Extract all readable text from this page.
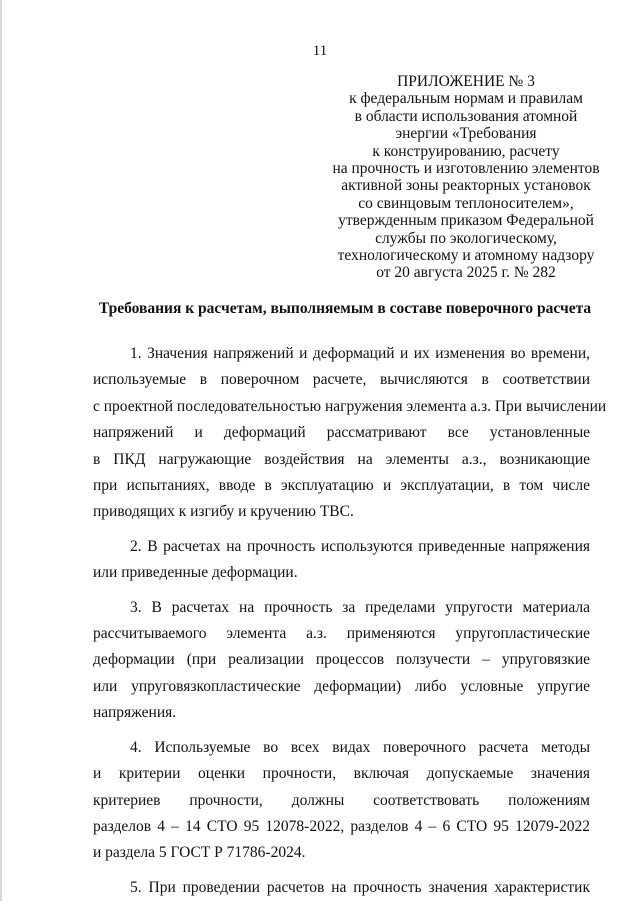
11
ПРИЛОЖЕНИЕ № 3
к федеральным нормам и правилам
в области использования атомной
энергии «Требования
к конструированию, расчету
на прочность и изготовлению элементов
активной зоны реакторных установок
со свинцовым теплоносителем»,
утвержденным приказом Федеральной
службы по экологическому,
технологическому и атомному надзору
от 20 августа 2025 г. № 282
Требования к расчетам, выполняемым в составе поверочного расчета
1. Значения напряжений и деформаций и их изменения во времени,
используемые в поверочном расчете, вычисляются в соответствии
с проектной последовательностью нагружения элемента а.з. При вычислении
напряжений и деформаций рассматривают все установленные
в ПКД нагружающие воздействия на элементы а.з., возникающие
при испытаниях, вводе в эксплуатацию и эксплуатации, в том числе
приводящих к изгибу и кручению ТВС.
2. В расчетах на прочность используются приведенные напряжения
или приведенные деформации.
3. В расчетах на прочность за пределами упругости материала
рассчитываемого элемента а.з. применяются упругопластические
деформации (при реализации процессов ползучести – упруговязкие
или упруговязкопластические деформации) либо условные упругие
напряжения.
4. Используемые во всех видах поверочного расчета методы
и критерии оценки прочности, включая допускаемые значения
критериев прочности, должны соответствовать положениям
разделов 4 – 14 СТО 95 12078-2022, разделов 4 – 6 СТО 95 12079-2022
и раздела 5 ГОСТ Р 71786-2024.
5. При проведении расчетов на прочность значения характеристик
